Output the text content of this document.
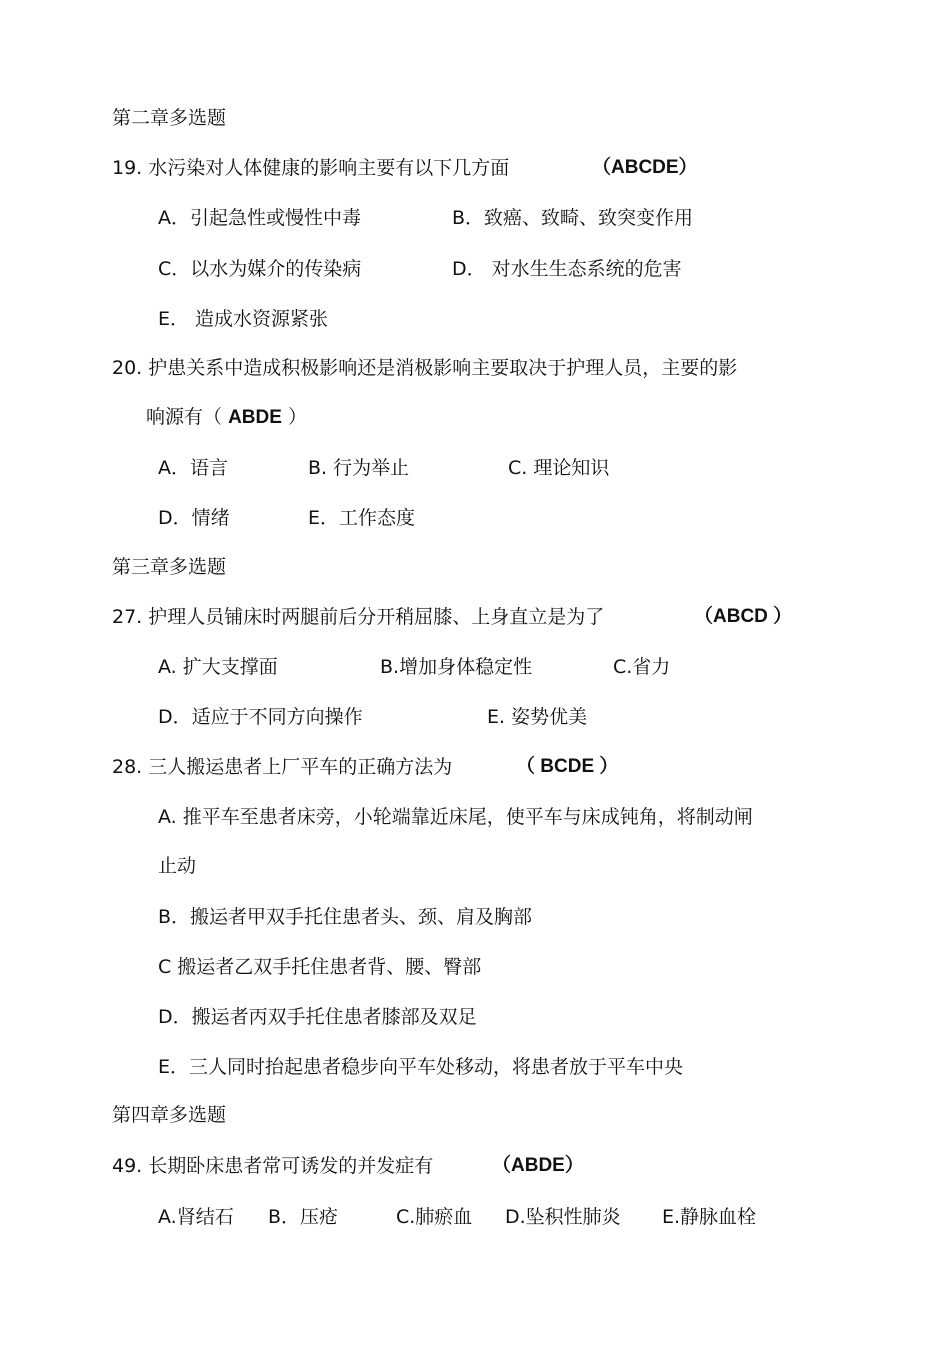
第二章多选题
19. 水污染对人体健康的影响主要有以下几方面	（ABCDE）
A．引起急性或慢性中毒	B．致癌、致畸、致突变作用
C．以水为媒介的传染病	D． 对水生生态系统的危害
E． 造成水资源紧张
20. 护患关系中造成积极影响还是消极影响主要取决于护理人员，主要的影
响源有（ ABDE ）
A．语言	B. 行为举止	C. 理论知识
D．情绪	E．工作态度
第三章多选题
27. 护理人员铺床时两腿前后分开稍屈膝、上身直立是为了	（ABCD ）
A. 扩大支撑面	B.增加身体稳定性	C.省力
D．适应于不同方向操作	E. 姿势优美
28. 三人搬运患者上厂平车的正确方法为	（ BCDE ）
A. 推平车至患者床旁，小轮端靠近床尾，使平车与床成钝角，将制动闸
止动
B．搬运者甲双手托住患者头、颈、肩及胸部
C 搬运者乙双手托住患者背、腰、臀部
D．搬运者丙双手托住患者膝部及双足
E．三人同时抬起患者稳步向平车处移动，将患者放于平车中央
第四章多选题
49. 长期卧床患者常可诱发的并发症有	（ABDE）
A.肾结石 B．压疮	C.肺瘀血 D.坠积性肺炎 E.静脉血栓
